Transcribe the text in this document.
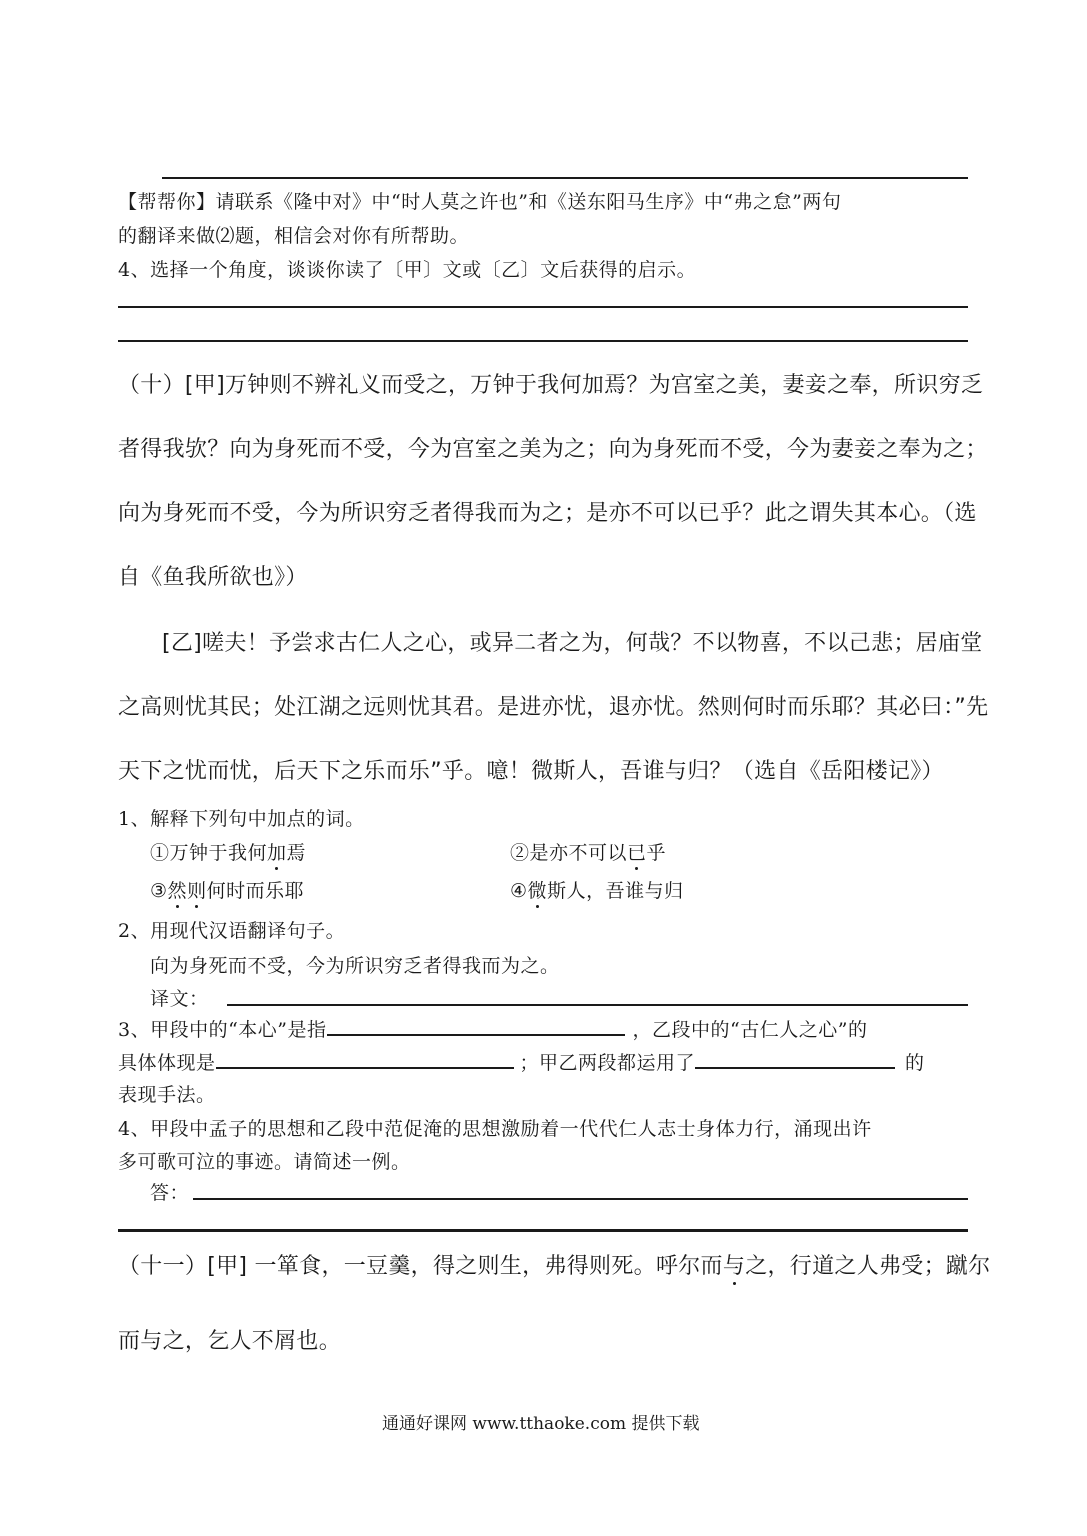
【帮帮你】请联系《隆中对》中“时人莫之许也”和《送东阳马生序》中“弗之怠”两句
的翻译来做⑵题，相信会对你有所帮助。
4、选择一个角度，谈谈你读了〔甲〕文或〔乙〕文后获得的启示。
（十）[甲]万钟则不辨礼义而受之，万钟于我何加焉？为宫室之美，妻妾之奉，所识穷乏
者得我欤？向为身死而不受，今为宫室之美为之；向为身死而不受，今为妻妾之奉为之；
向为身死而不受，今为所识穷乏者得我而为之；是亦不可以已乎？此之谓失其本心。（选
自《鱼我所欲也》）
[乙]嗟夫！予尝求古仁人之心，或异二者之为，何哉？不以物喜，不以己悲；居庙堂
之高则忧其民；处江湖之远则忧其君。是进亦忧，退亦忧。然则何时而乐耶？其必曰：”先
天下之忧而忧，后天下之乐而乐”乎。噫！微斯人，吾谁与归？（选自《岳阳楼记》）
1、解释下列句中加点的词。
①万钟于我何加焉	②是亦不可以已乎
③然则何时而乐耶	④微斯人，吾谁与归
2、用现代汉语翻译句子。
向为身死而不受，今为所识穷乏者得我而为之。
译文：
3、甲段中的“本心”是指	，乙段中的“古仁人之心”的
具体体现是	；甲乙两段都运用了	的
表现手法。
4、甲段中孟子的思想和乙段中范促淹的思想激励着一代代仁人志士身体力行，涌现出许
多可歌可泣的事迹。请简述一例。
答：
（十一）[甲] 一箪食，一豆羹，得之则生，弗得则死。呼尔而与之，行道之人弗受；蹴尔
而与之，乞人不屑也。
通通好课网 www.tthaoke.com 提供下载
